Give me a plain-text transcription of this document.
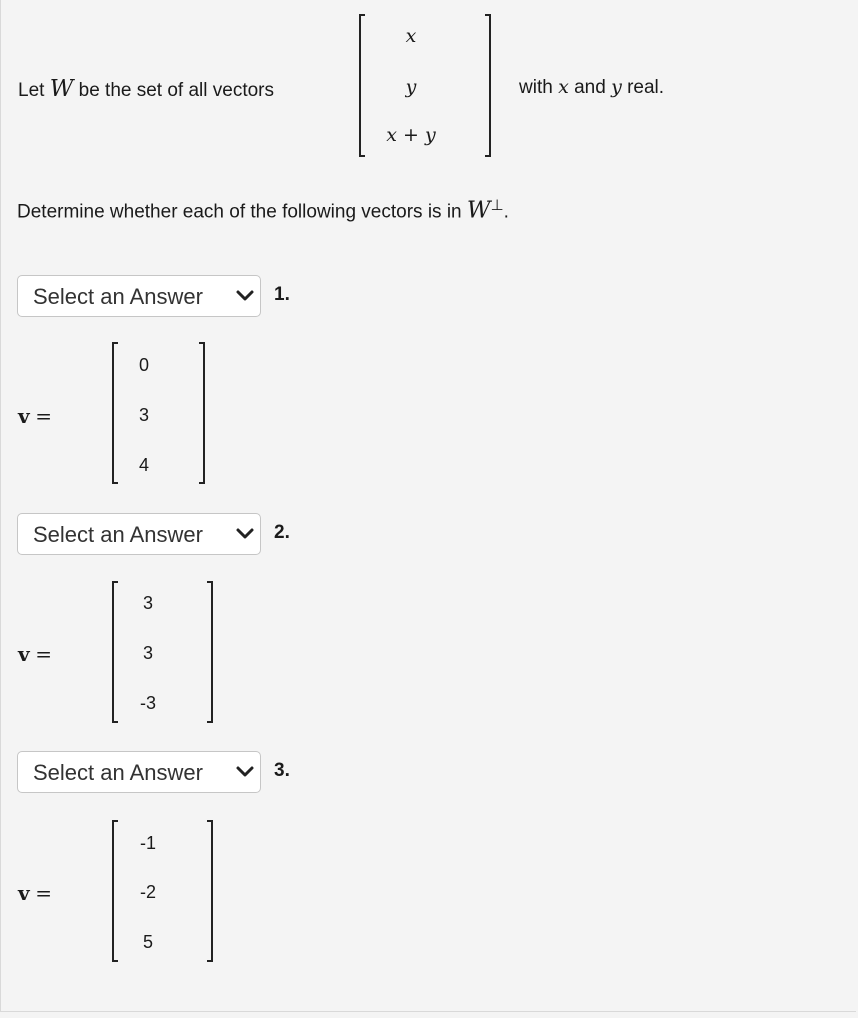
Let W be the set of all vectors
x
y
x + y
with x and y real.
Determine whether each of the following vectors is in W⊥.
Select an Answer	1.
v =
0
3
4
Select an Answer	2.
v =
3
3
-3
Select an Answer	3.
v =
-1
-2
5
